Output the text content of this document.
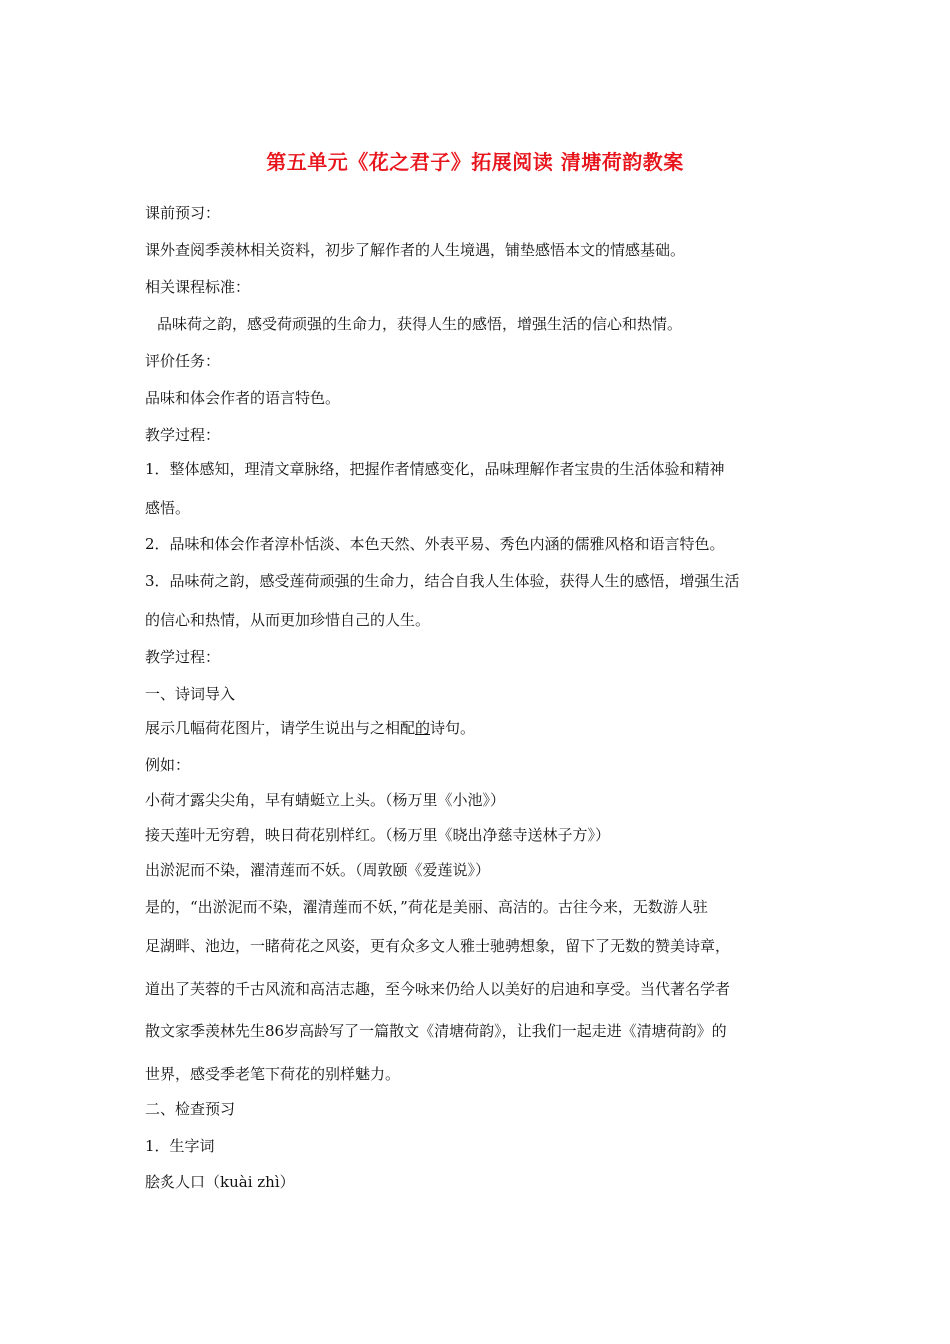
第五单元《花之君子》拓展阅读 清塘荷韵教案
课前预习：
课外查阅季羡林相关资料，初步了解作者的人生境遇，铺垫感悟本文的情感基础。
相关课程标准：
品味荷之韵，感受荷顽强的生命力，获得人生的感悟，增强生活的信心和热情。
评价任务：
品味和体会作者的语言特色。
教学过程：
1．整体感知，理清文章脉络，把握作者情感变化，品味理解作者宝贵的生活体验和精神
感悟。
2．品味和体会作者淳朴恬淡、本色天然、外表平易、秀色内涵的儒雅风格和语言特色。
3．品味荷之韵，感受莲荷顽强的生命力，结合自我人生体验，获得人生的感悟，增强生活
的信心和热情，从而更加珍惜自己的人生。
教学过程：
一、诗词导入
展示几幅荷花图片，请学生说出与之相配的诗句。
例如：
小荷才露尖尖角，早有蜻蜓立上头。（杨万里《小池》）
接天莲叶无穷碧，映日荷花别样红。（杨万里《晓出净慈寺送林子方》）
出淤泥而不染，濯清莲而不妖。（周敦颐《爱莲说》）
是的，“出淤泥而不染，濯清莲而不妖，”荷花是美丽、高洁的。古往今来，无数游人驻
足湖畔、池边，一睹荷花之风姿，更有众多文人雅士驰骋想象，留下了无数的赞美诗章，
道出了芙蓉的千古风流和高洁志趣，至今咏来仍给人以美好的启迪和享受。当代著名学者
散文家季羡林先生86岁高龄写了一篇散文《清塘荷韵》，让我们一起走进《清塘荷韵》的
世界，感受季老笔下荷花的别样魅力。
二、检查预习
1．生字词
脍炙人口（kuài zhì）
